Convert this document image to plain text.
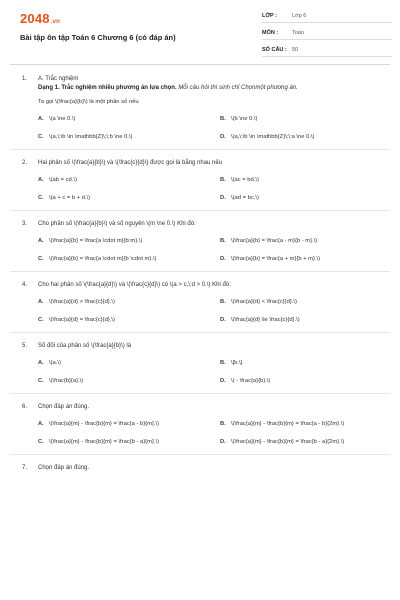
2048.vn
Bài tập ôn tập Toán 6 Chương 6 (có đáp án)
LỚP :	Lớp 6
MÔN :	Toán
SỐ CÂU : 50
1.	A. Trắc nghiệm
Dạng 1. Trắc nghiệm nhiều phương án lựa chọn. Mỗi câu hỏi thí sinh chỉ Chọnmột phương án.
Ta gọi \(\frac{a}{b}\) là một phân số nếu
A. \(a \ne 0.\)	B. \(b \ne 0.\)
C. \(a,\;\b \in \mathbb{Z}\;\;b \ne 0.\)	D. \(a,\;\b \in \mathbb{Z}\;\;a \ne 0.\)
2.	Hai phân số \(\frac{a}{b}\) và \(\frac{c}{d}\) được gọi là bằng nhau nếu
A. \(ab = cd.\)	B. \(ac = bd.\)
C. \(a + c = b + d.\)	D. \(ad = bc.\)
3.	Cho phân số \(\frac{a}{b}\) và số nguyên \(m \ne 0.\) Khi đó:
A. \(\frac{a}{b} = \frac{a \cdot m}{b:m}.\)	B. \(\frac{a}{b} = \frac{a - m}{b - m}.\)
C. \(\frac{a}{b} = \frac{a \cdot m}{b \cdot m}.\)	D. \(\frac{a}{b} = \frac{a + m}{b + m}.\)
4.	Cho hai phân số \(\frac{a}{d}\) và \(\frac{c}{d}\) có \(a > c,\;d > 0.\) Khi đó:
A. \(\frac{a}{d} > \frac{c}{d}.\)	B. \(\frac{a}{d} < \frac{c}{d}.\)
C. \(\frac{a}{d} = \frac{c}{d}.\)	D. \(\frac{a}{d} \le \frac{c}{d}.\)
5.	Số đối của phân số \(\frac{a}{b}\) là
A. \(a.\)	B. \[b.\]
C. \(\frac{b}{a}.\)	D. \( - \frac{a}{b}.\)
6.	Chọn đáp án đúng.
A. \(\frac{a}{m} - \frac{b}{m} = \frac{a - b}{m}.\)	B. \(\frac{a}{m} - \frac{b}{m} = \frac{a - b}{2m}.\)
C. \(\frac{a}{m} - \frac{b}{m} = \frac{b - a}{m}.\)	D. \(\frac{a}{m} - \frac{b}{m} = \frac{b - a}{2m}.\)
7.	Chọn đáp án đúng.
